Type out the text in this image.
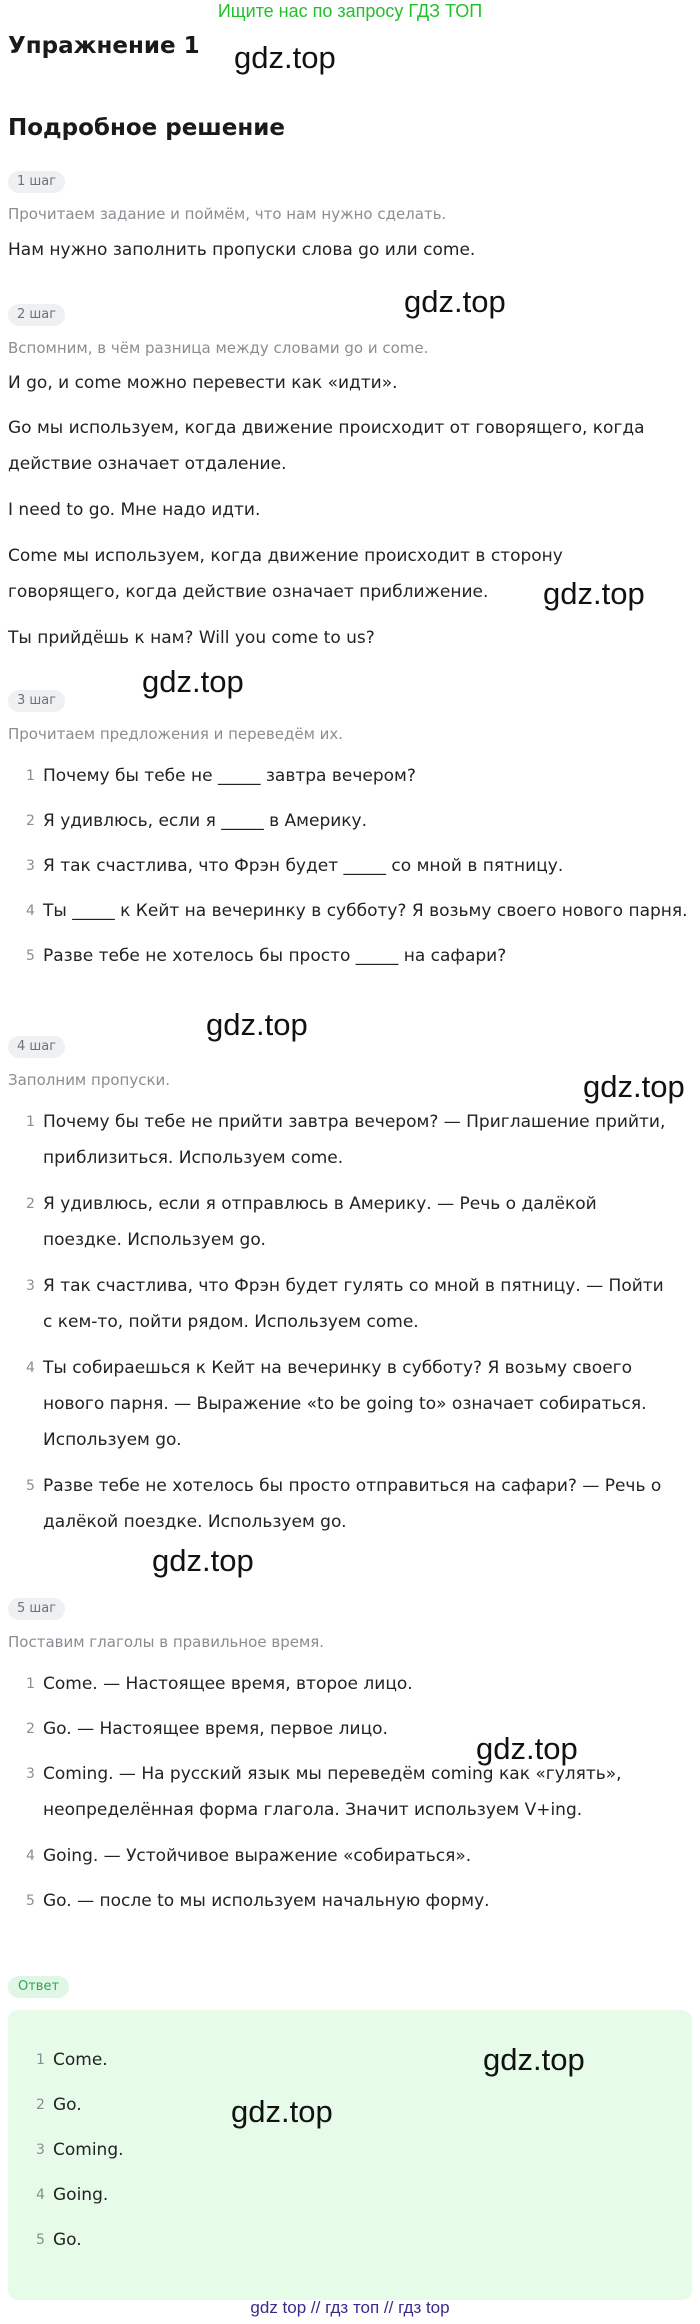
Ищите нас по запросу ГДЗ ТОП
Упражнение 1 gdz.top
Подробное решение
1 шаг
Прочитаем задание и поймём, что нам нужно сделать.
Нам нужно заполнить пропуски слова go или come.
gdz.top
2 шаг
Вспомним, в чём разница между словами go и come.
И go, и come можно перевести как «идти».
Go мы используем, когда движение происходит от говорящего, когда действие означает отдаление.
I need to go. Мне надо идти.
Come мы используем, когда движение происходит в сторону говорящего, когда действие означает приближение.	gdz.top
Ты прийдёшь к нам? Will you come to us?
3 шаг
gdz.top
Прочитаем предложения и переведём их.
1 Почему бы тебе не _____ завтра вечером?
2 Я удивлюсь, если я _____ в Америку.
3 Я так счастлива, что Фрэн будет _____ со мной в пятницу.
4 Ты _____ к Кейт на вечеринку в субботу? Я возьму своего нового парня.
5 Разве тебе не хотелось бы просто _____ на сафари?
gdz.top
4 шаг
Заполним пропуски.	gdz.top
1 Почему бы тебе не прийти завтра вечером? — Приглашение прийти, приблизиться. Используем come.
2 Я удивлюсь, если я отправлюсь в Америку. — Речь о далёкой поездке. Используем go.
3 Я так счастлива, что Фрэн будет гулять со мной в пятницу. — Пойти с кем-то, пойти рядом. Используем come.
4 Ты собираешься к Кейт на вечеринку в субботу? Я возьму своего нового парня. — Выражение «to be going to» означает собираться. Используем go.
5 Разве тебе не хотелось бы просто отправиться на сафари? — Речь о далёкой поездке. Используем go.
gdz.top
5 шаг
Поставим глаголы в правильное время.
1 Come. — Настоящее время, второе лицо.
2 Go. — Настоящее время, первое лицо.
3 Coming. — На русский язык мы переведём coming как «гулять», неопределённая форма глагола. Значит используем V+ing.
4 Going. — Устойчивое выражение «собираться».
5 Go. — после to мы используем начальную форму.
gdz.top
Ответ
1 Come.
2 Go.
3 Coming.
4 Going.
5 Go.
gdz.top
gdz.top
gdz top // гдз топ // гдз top
